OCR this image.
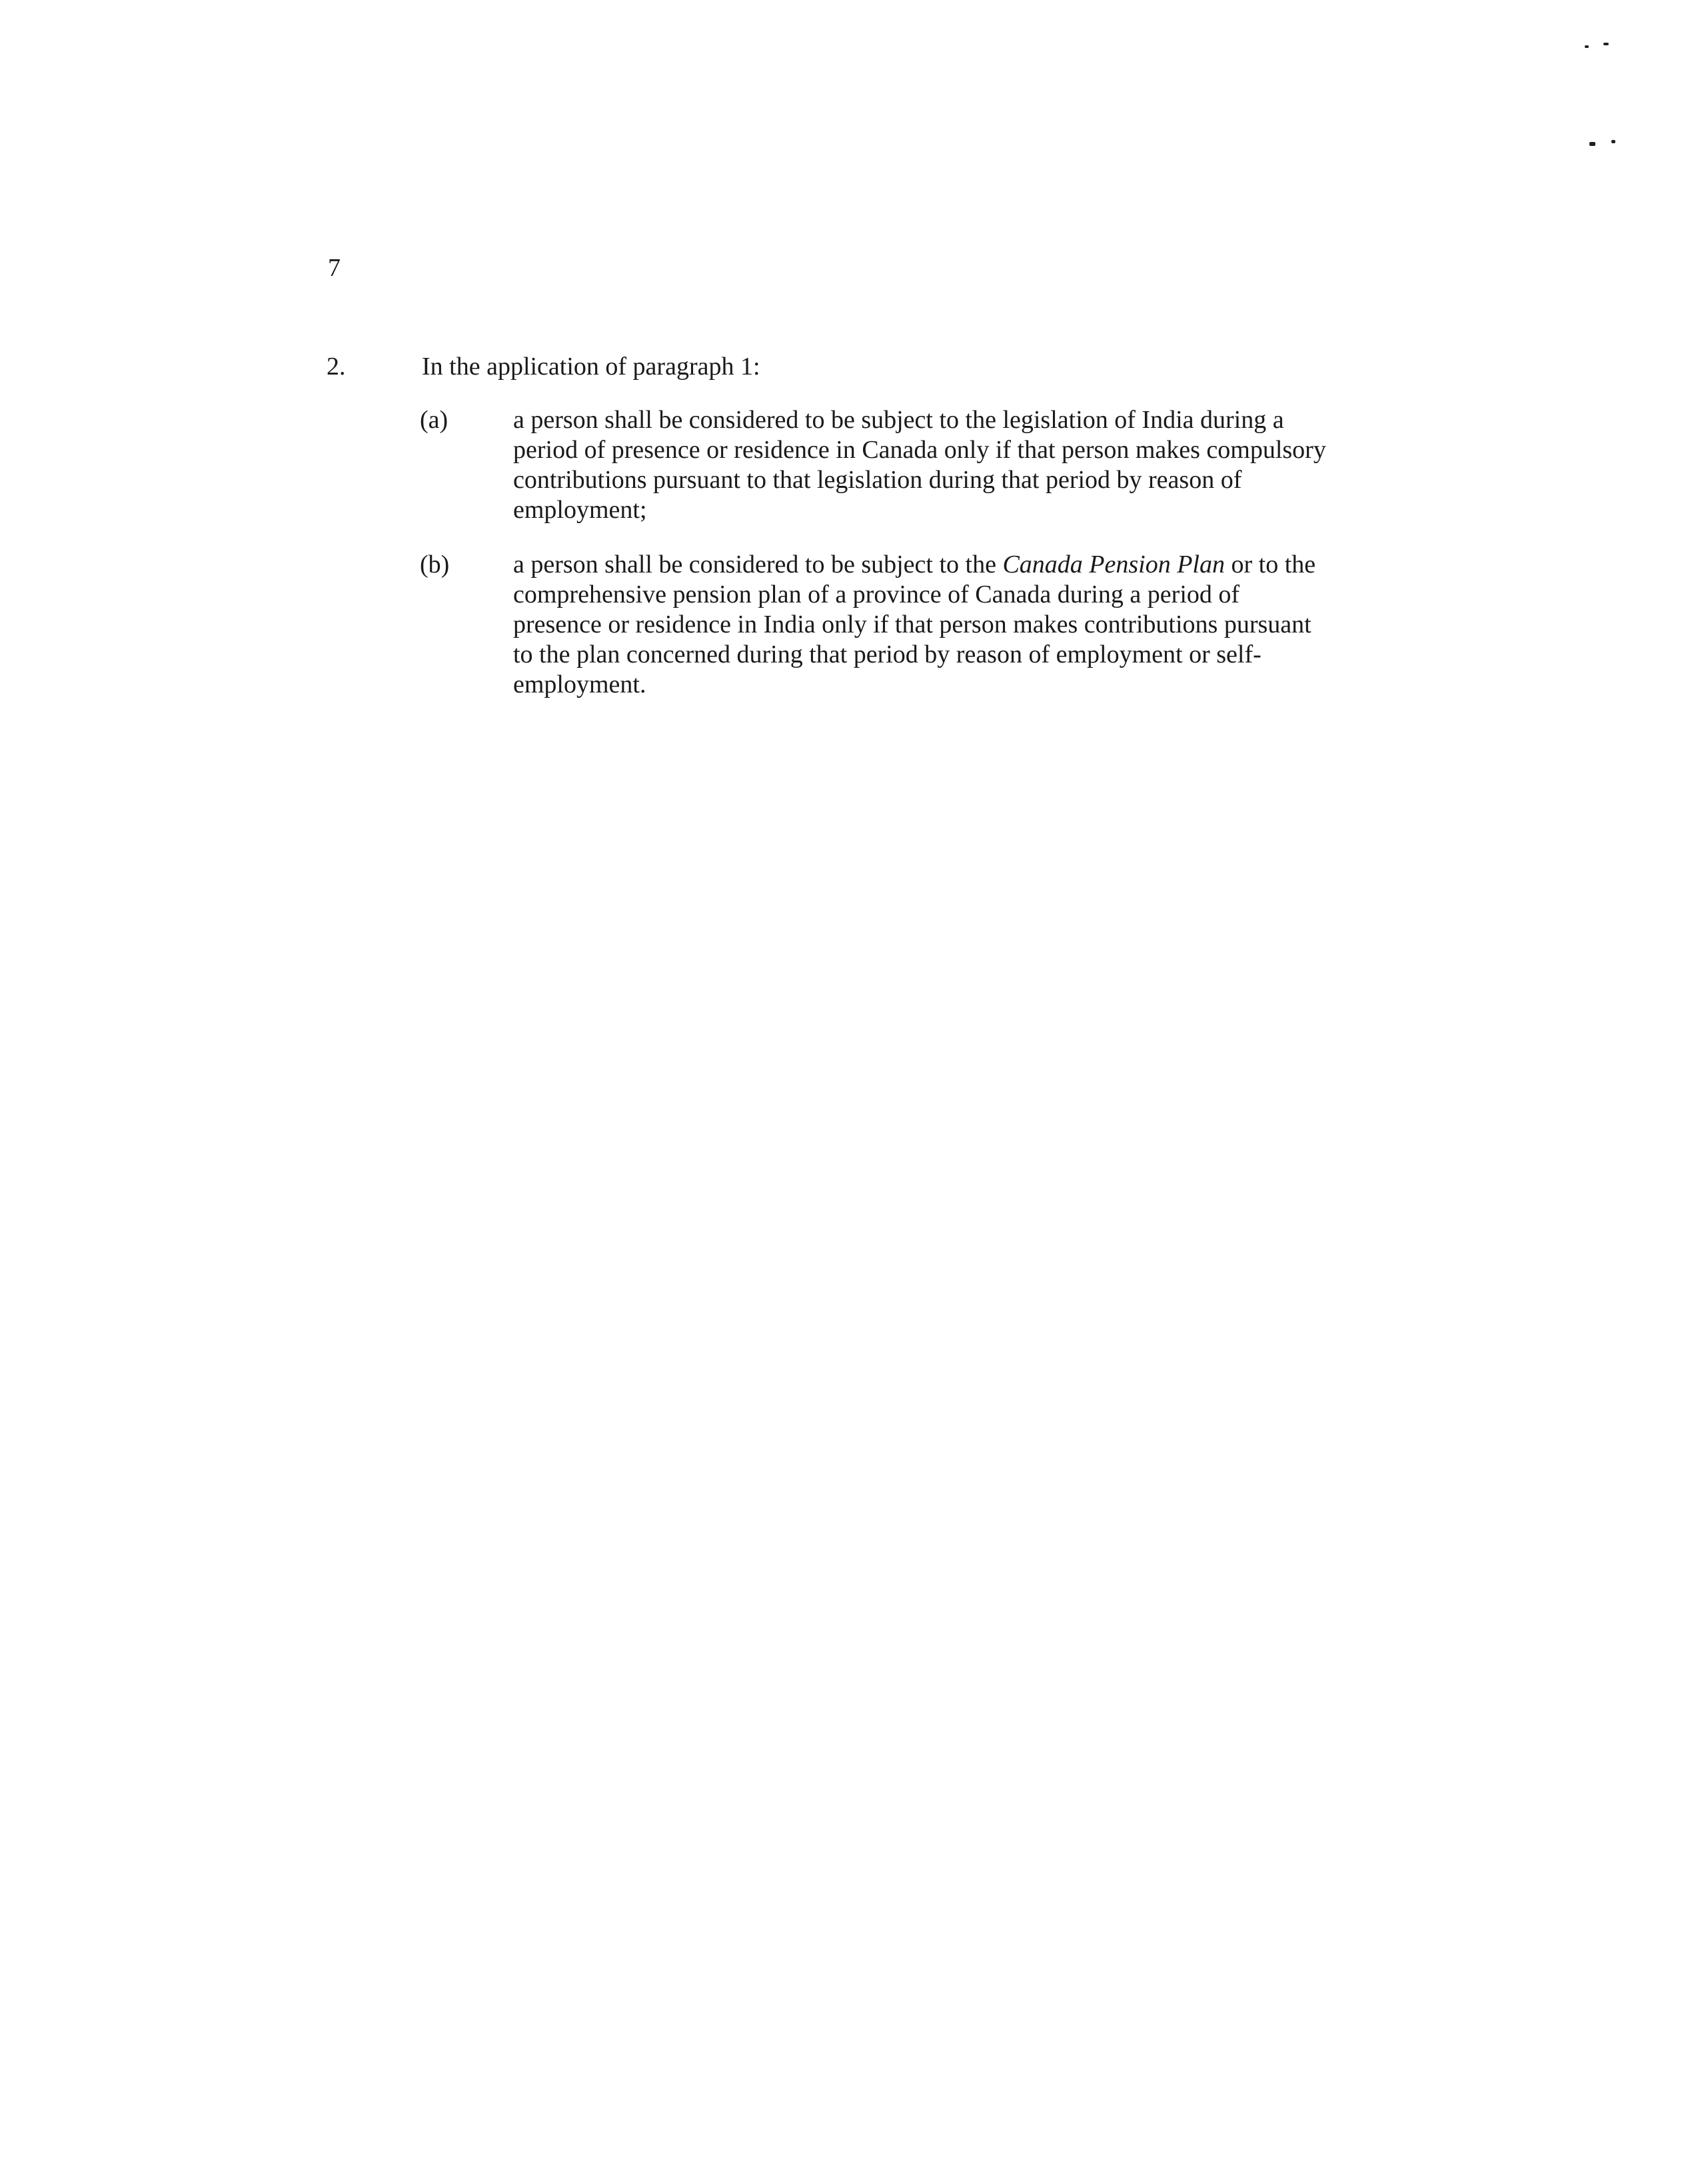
7
2.	In the application of paragraph 1:
(a)	a person shall be considered to be subject to the legislation of India during a
period of presence or residence in Canada only if that person makes compulsory
contributions pursuant to that legislation during that period by reason of
employment;
(b)	a person shall be considered to be subject to the Canada Pension Plan or to the
comprehensive pension plan of a province of Canada during a period of
presence or residence in India only if that person makes contributions pursuant
to the plan concerned during that period by reason of employment or self-
employment.
